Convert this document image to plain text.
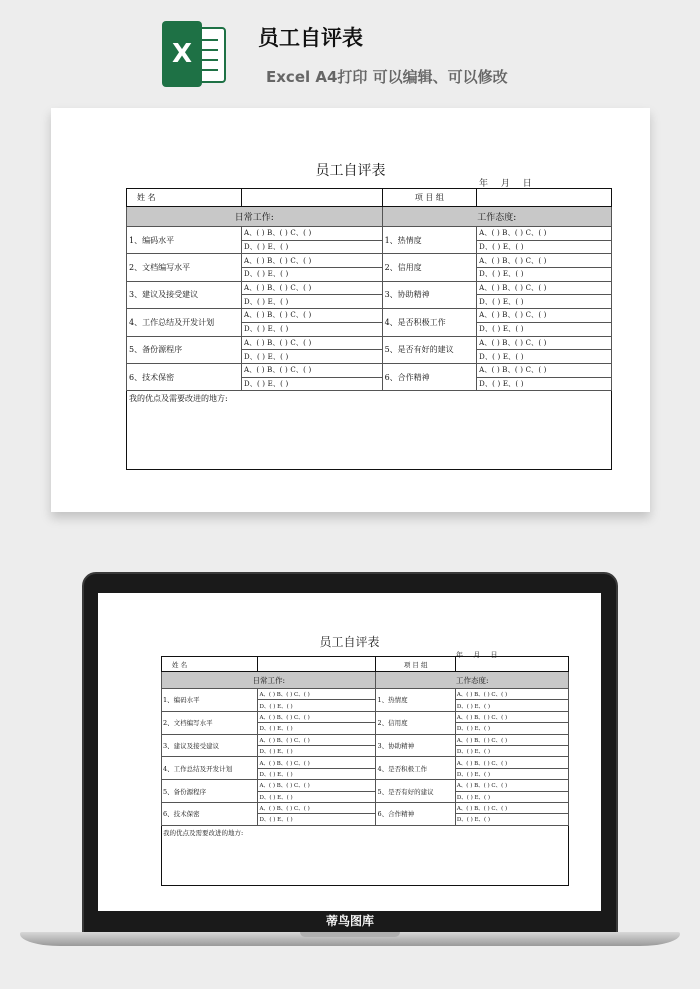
X
员工自评表
Excel A4打印 可以编辑、可以修改
员工自评表
年 月 日
姓 名		项 目 组	
日常工作:		工作态度:	
1、编码水平	A、( ) B、( ) C、( )	1、热情度	A、( ) B、( ) C、( )
	D、( ) E、( )		D、( ) E、( )
2、文档编写水平	A、( ) B、( ) C、( )	2、信用度	A、( ) B、( ) C、( )
	D、( ) E、( )		D、( ) E、( )
3、建议及接受建议	A、( ) B、( ) C、( )	3、协助精神	A、( ) B、( ) C、( )
	D、( ) E、( )		D、( ) E、( )
4、工作总结及开发计划	A、( ) B、( ) C、( )	4、是否积极工作	A、( ) B、( ) C、( )
	D、( ) E、( )		D、( ) E、( )
5、备份源程序	A、( ) B、( ) C、( )	5、是否有好的建议	A、( ) B、( ) C、( )
	D、( ) E、( )		D、( ) E、( )
6、技术保密	A、( ) B、( ) C、( )	6、合作精神	A、( ) B、( ) C、( )
	D、( ) E、( )		D、( ) E、( )
我的优点及需要改进的地方:			
员工自评表
年 月 日
姓 名		项 目 组	
日常工作:		工作态度:	
1、编码水平	A、( ) B、( ) C、( )	1、热情度	A、( ) B、( ) C、( )
	D、( ) E、( )		D、( ) E、( )
2、文档编写水平	A、( ) B、( ) C、( )	2、信用度	A、( ) B、( ) C、( )
	D、( ) E、( )		D、( ) E、( )
3、建议及接受建议	A、( ) B、( ) C、( )	3、协助精神	A、( ) B、( ) C、( )
	D、( ) E、( )		D、( ) E、( )
4、工作总结及开发计划	A、( ) B、( ) C、( )	4、是否积极工作	A、( ) B、( ) C、( )
	D、( ) E、( )		D、( ) E、( )
5、备份源程序	A、( ) B、( ) C、( )	5、是否有好的建议	A、( ) B、( ) C、( )
	D、( ) E、( )		D、( ) E、( )
6、技术保密	A、( ) B、( ) C、( )	6、合作精神	A、( ) B、( ) C、( )
	D、( ) E、( )		D、( ) E、( )
我的优点及需要改进的地方:			
蒂鸟图库
